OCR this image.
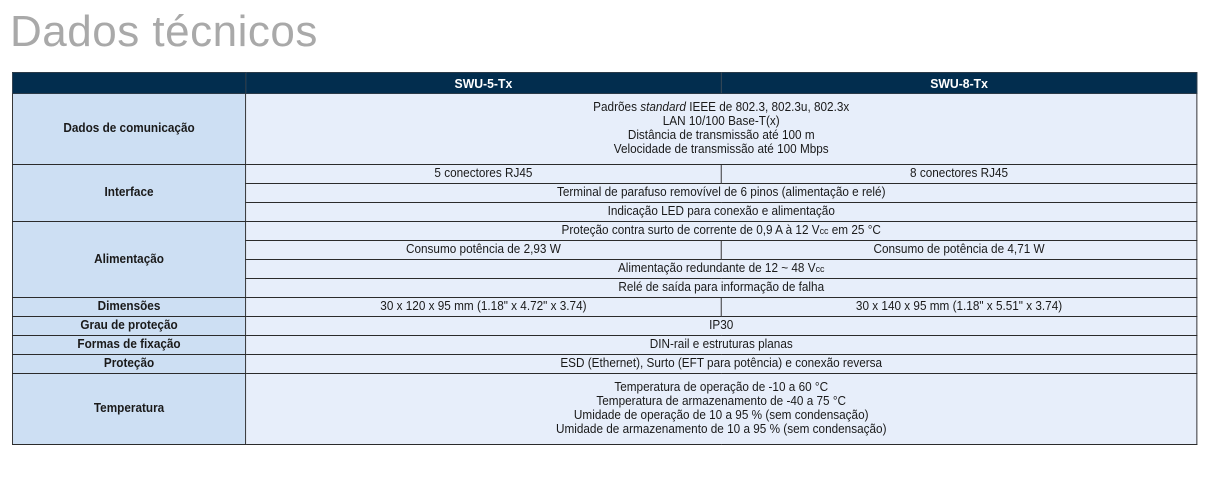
Dados técnicos
	SWU-5-Tx	SWU-8-Tx
Dados de comunicação	Padrões standard IEEE de 802.3, 802.3u, 802.3x
LAN 10/100 Base-T(x)
Distância de transmissão até 100 m
Velocidade de transmissão até 100 Mbps	

Interface	5 conectores RJ45	8 conectores RJ45
	Terminal de parafuso removível de 6 pinos (alimentação e relé)	
	Indicação LED para conexão e alimentação	
Alimentação	Proteção contra surto de corrente de 0,9 A à 12 Vcc em 25 °C	
	Consumo potência de 2,93 W	Consumo de potência de 4,71 W
	Alimentação redundante de 12 ~ 48 Vcc	
	Relé de saída para informação de falha	
Dimensões	30 x 120 x 95 mm (1.18" x 4.72" x 3.74)	30 x 140 x 95 mm (1.18" x 5.51" x 3.74)
Grau de proteção	IP30	
Formas de fixação	DIN-rail e estruturas planas	
Proteção	ESD (Ethernet), Surto (EFT para potência) e conexão reversa	
Temperatura	Temperatura de operação de -10 a 60 °C
Temperatura de armazenamento de -40 a 75 °C
Umidade de operação de 10 a 95 % (sem condensação)
Umidade de armazenamento de 10 a 95 % (sem condensação)	
